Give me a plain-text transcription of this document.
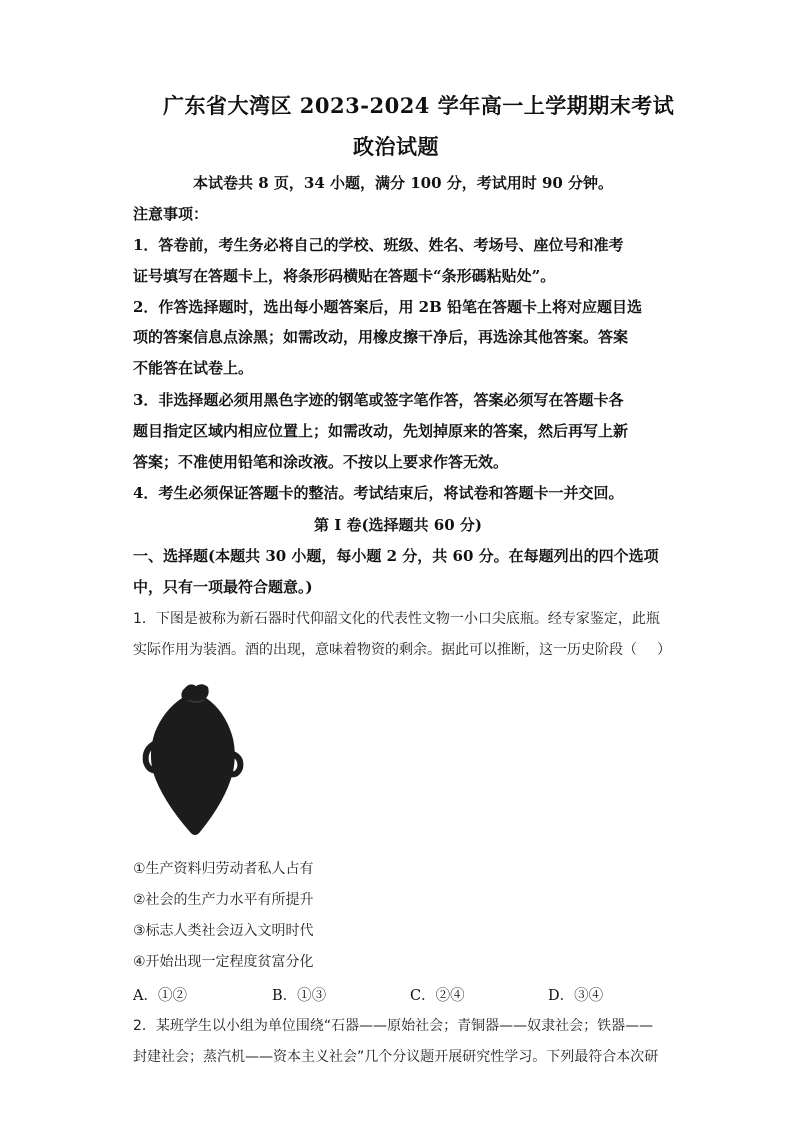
广东省大湾区 2023-2024 学年高一上学期期末考试
政治试题
本试卷共 8 页，34 小题，满分 100 分，考试用时 90 分钟。
注意事项：
1．答卷前，考生务必将自己的学校、班级、姓名、考场号、座位号和准考
证号填写在答题卡上，将条形码横贴在答题卡“条形碼粘贴处”。
2．作答选择题时，选出每小题答案后，用 2B 铅笔在答题卡上将对应题目选
项的答案信息点涂黑；如需改动，用橡皮擦干净后，再选涂其他答案。答案
不能答在试卷上。
3．非选择题必须用黑色字迹的钢笔或签字笔作答，答案必须写在答题卡各
题目指定区域内相应位置上；如需改动，先划掉原来的答案，然后再写上新
答案；不准使用铅笔和涂改液。不按以上要求作答无效。
4．考生必须保证答题卡的整洁。考试结束后，将试卷和答题卡一并交回。
第 I 卷(选择题共 60 分)
一、选择题(本题共 30 小题，每小题 2 分，共 60 分。在每题列出的四个选项
中，只有一项最符合题意。)
1．下图是被称为新石器时代仰韶文化的代表性文物一小口尖底瓶。经专家鉴定，此瓶
实际作用为装酒。酒的出现，意味着物资的剩余。据此可以推断，这一历史阶段（ ）
①生产资料归劳动者私人占有
②社会的生产力水平有所提升
③标志人类社会迈入文明时代
④开始出现一定程度贫富分化
A．①②	B．①③	C．②④	D．③④
2．某班学生以小组为单位围绕“石器——原始社会；青铜器——奴隶社会；铁器——
封建社会；蒸汽机——资本主义社会”几个分议题开展研究性学习。下列最符合本次研
